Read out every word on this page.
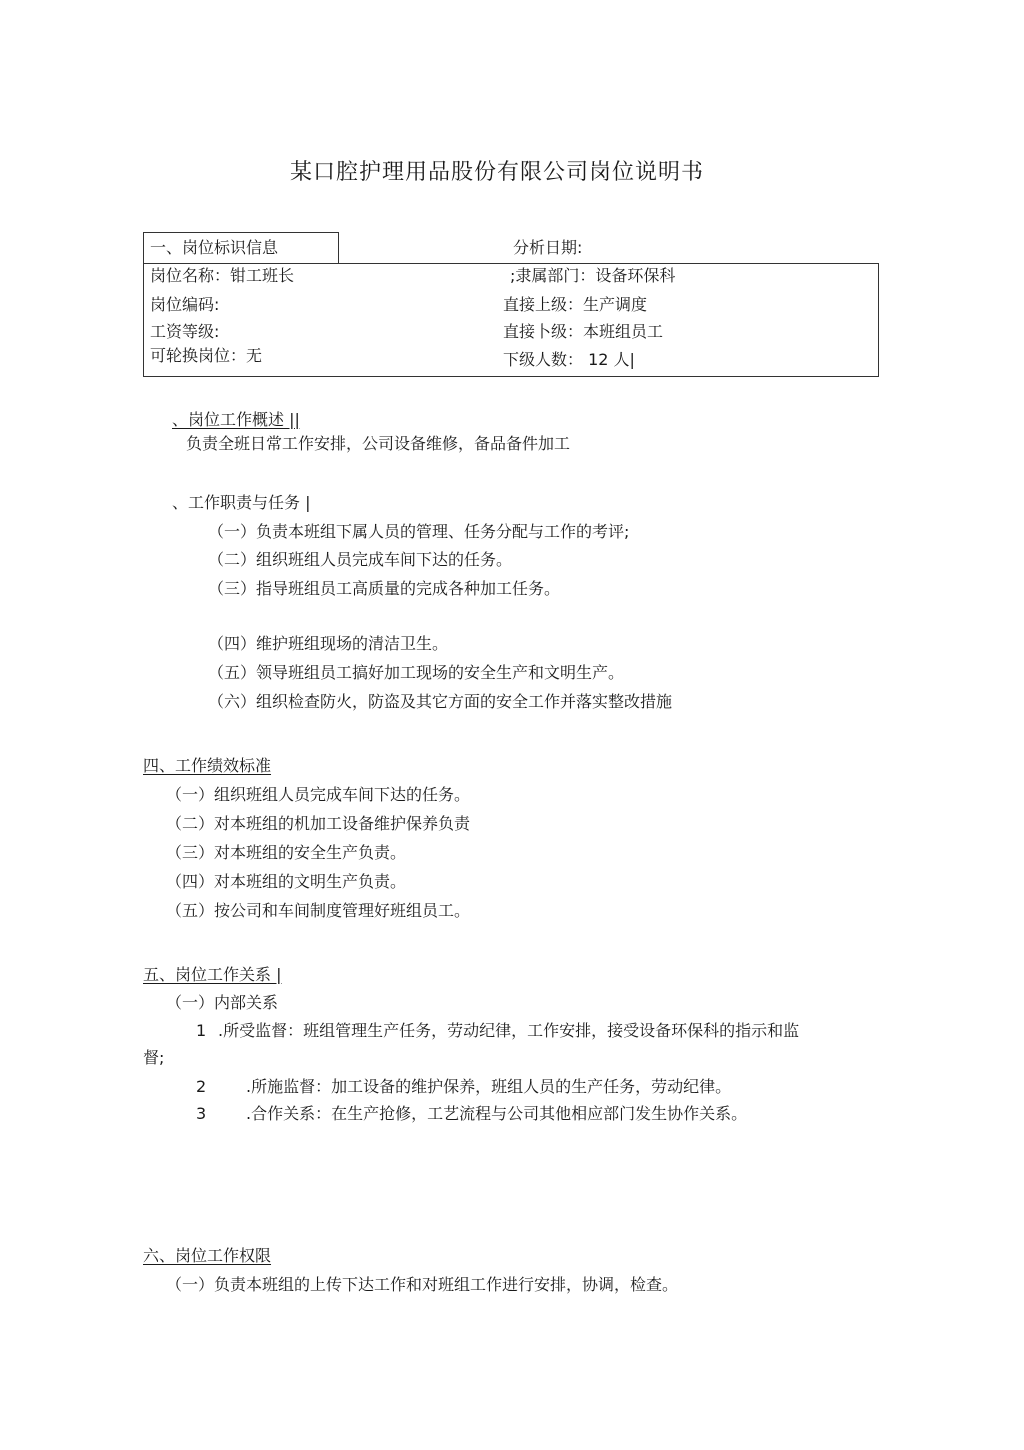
某口腔护理用品股份有限公司岗位说明书
一、岗位标识信息	分析日期:
岗位名称：钳工班长	;隶属部门：设备环保科
岗位编码:	直接上级：生产调度
工资等级:	直接卜级：本班组员工
可轮换岗位：无	下级人数： 12 人|
、岗位工作概述 ||
负责全班日常工作安排，公司设备维修，备品备件加工
、工作职责与任务 |
（一）负责本班组下属人员的管理、任务分配与工作的考评;
（二）组织班组人员完成车间下达的任务。
（三）指导班组员工高质量的完成各种加工任务。
（四）维护班组现场的清洁卫生。
（五）领导班组员工搞好加工现场的安全生产和文明生产。
（六）组织检查防火，防盗及其它方面的安全工作并落实整改措施
四、工作绩效标准
（一）组织班组人员完成车间下达的任务。
（二）对本班组的机加工设备维护保养负责
（三）对本班组的安全生产负责。
（四）对本班组的文明生产负责。
（五）按公司和车间制度管理好班组员工。
五、岗位工作关系 |
（一）内部关系
1 .所受监督：班组管理生产任务，劳动纪律，工作安排，接受设备环保科的指示和监
督;
2 .所施监督：加工设备的维护保养，班组人员的生产任务，劳动纪律。
3 .合作关系：在生产抢修，工艺流程与公司其他相应部门发生协作关系。
六、岗位工作权限
（一）负责本班组的上传下达工作和对班组工作进行安排，协调，检查。
